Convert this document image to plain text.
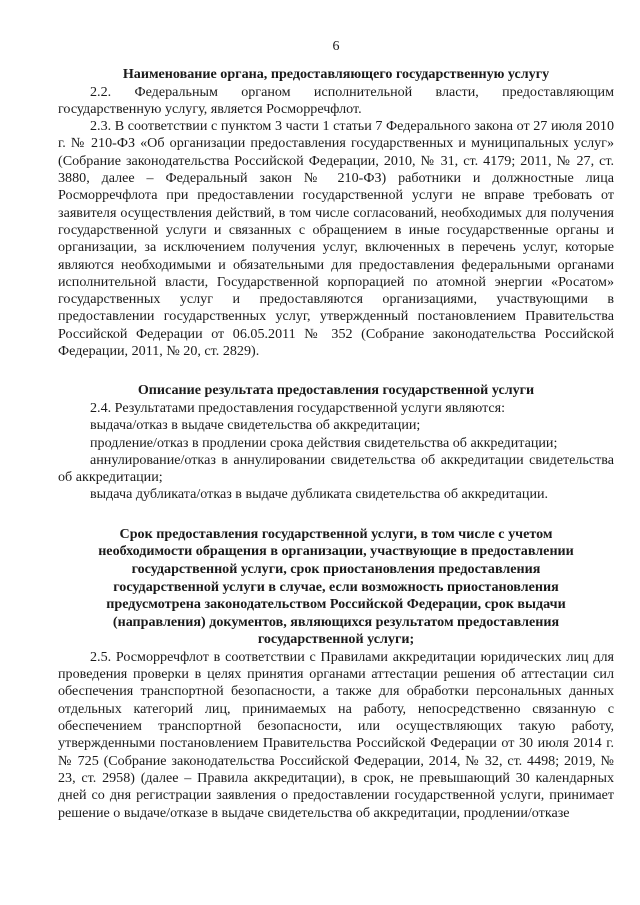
6
Наименование органа, предоставляющего государственную услугу

2.2. Федеральным органом исполнительной власти, предоставляющим государственную услугу, является Росморречфлот.

2.3. В соответствии с пунктом 3 части 1 статьи 7 Федерального закона от 27 июля 2010 г. № 210-ФЗ «Об организации предоставления государственных и муниципальных услуг» (Собрание законодательства Российской Федерации, 2010, № 31, ст. 4179; 2011, № 27, ст. 3880, далее – Федеральный закон № 210-ФЗ) работники и должностные лица Росморречфлота при предоставлении государственной услуги не вправе требовать от заявителя осуществления действий, в том числе согласований, необходимых для получения государственной услуги и связанных с обращением в иные государственные органы и организации, за исключением получения услуг, включенных в перечень услуг, которые являются необходимыми и обязательными для предоставления федеральными органами исполнительной власти, Государственной корпорацией по атомной энергии «Росатом» государственных услуг и предоставляются организациями, участвующими в предоставлении государственных услуг, утвержденный постановлением Правительства Российской Федерации от 06.05.2011 № 352 (Собрание законодательства Российской Федерации, 2011, № 20, ст. 2829).

Описание результата предоставления государственной услуги

2.4. Результатами предоставления государственной услуги являются:

выдача/отказ в выдаче свидетельства об аккредитации;

продление/отказ в продлении срока действия свидетельства об аккредитации;

аннулирование/отказ в аннулировании свидетельства об аккредитации свидетельства об аккредитации;

выдача дубликата/отказ в выдаче дубликата свидетельства об аккредитации.

Срок предоставления государственной услуги, в том числе с учетом
необходимости обращения в организации, участвующие в предоставлении
государственной услуги, срок приостановления предоставления
государственной услуги в случае, если возможность приостановления
предусмотрена законодательством Российской Федерации, срок выдачи
(направления) документов, являющихся результатом предоставления
государственной услуги;

2.5. Росморречфлот в соответствии с Правилами аккредитации юридических лиц для проведения проверки в целях принятия органами аттестации решения об аттестации сил обеспечения транспортной безопасности, а также для обработки персональных данных отдельных категорий лиц, принимаемых на работу, непосредственно связанную с обеспечением транспортной безопасности, или осуществляющих такую работу, утвержденными постановлением Правительства Российской Федерации от 30 июля 2014 г. № 725 (Собрание законодательства Российской Федерации, 2014, № 32, ст. 4498; 2019, № 23, ст. 2958) (далее – Правила аккредитации), в срок, не превышающий 30 календарных дней со дня регистрации заявления о предоставлении государственной услуги, принимает решение о выдаче/отказе в выдаче свидетельства об аккредитации, продлении/отказе
